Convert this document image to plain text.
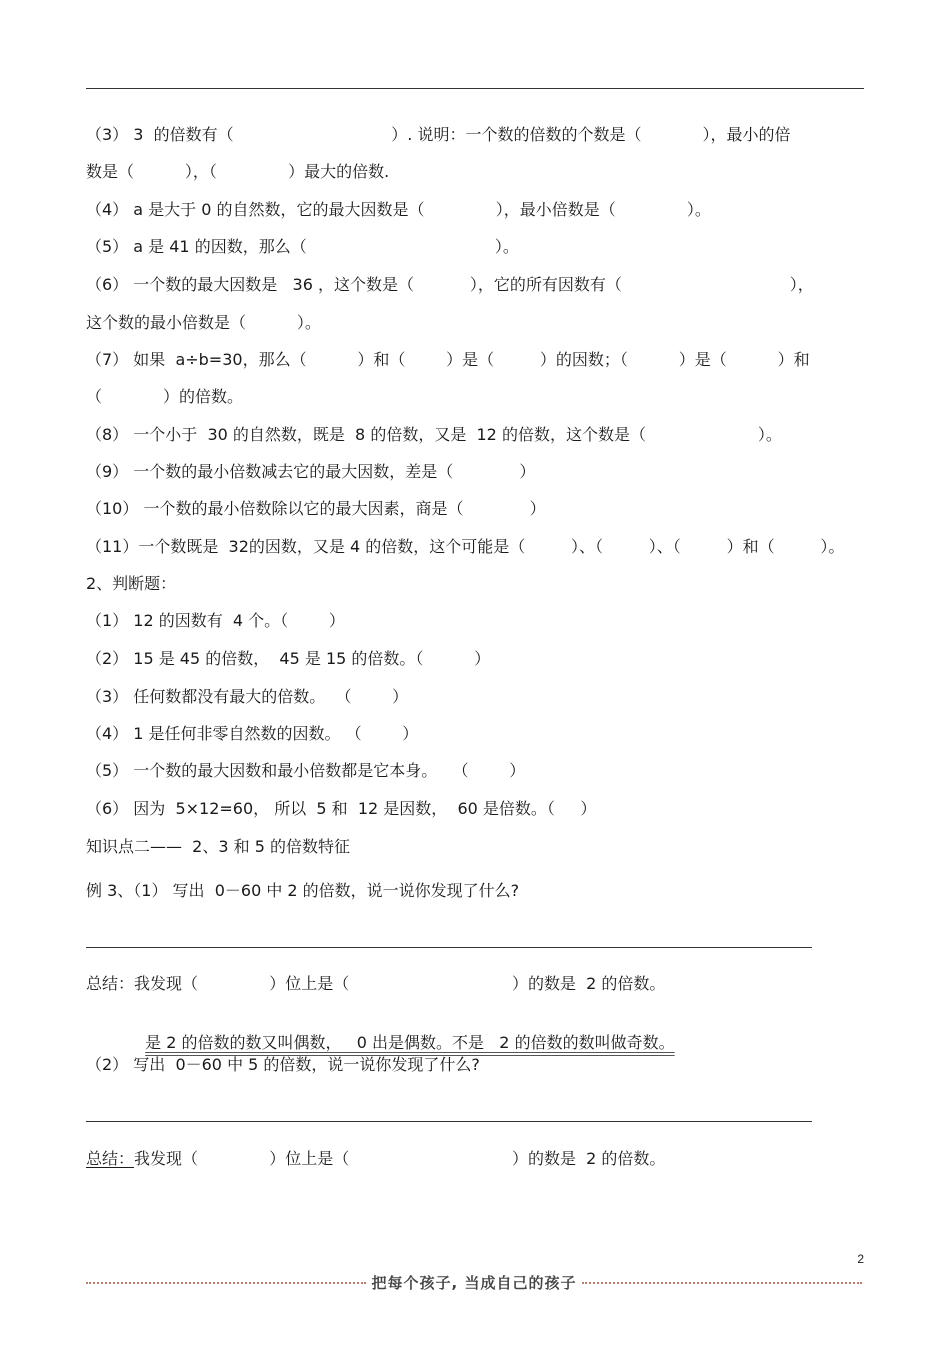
（3） 3  的倍数有（                               ）. 说明：一个数的倍数的个数是（            ），最小的倍
数是（          ），（              ）最大的倍数.
（4） a 是大于 0 的自然数，它的最大因数是（              ），最小倍数是（              ）。
（5） a 是 41 的因数，那么（                                     ）。
（6） 一个数的最大因数是   36 ，这个数是（           ），它的所有因数有（                                 ），
这个数的最小倍数是（          ）。
（7） 如果  a÷b=30，那么（          ）和（        ）是（         ）的因数；（          ）是（          ）和
（            ）的倍数。
（8） 一个小于  30 的自然数，既是  8 的倍数，又是  12 的倍数，这个数是（                      ）。
（9） 一个数的最小倍数减去它的最大因数，差是（             ）
（10） 一个数的最小倍数除以它的最大因素，商是（             ）
（11）一个数既是  32的因数，又是 4 的倍数，这个可能是（         ）、（         ）、（         ）和（         ）。
2、判断题：
（1） 12 的因数有  4 个。（        ）
（2） 15 是 45 的倍数，  45 是 15 的倍数。（          ）
（3） 任何数都没有最大的倍数。  （        ）
（4） 1 是任何非零自然数的因数。 （        ）
（5） 一个数的最大因数和最小倍数都是它本身。   （        ）
（6） 因为  5×12=60， 所以  5 和  12 是因数，  60 是倍数。（     ）
知识点二——  2、3 和 5 的倍数特征
例 3、（1） 写出  0－60 中 2 的倍数，说一说你发现了什么?
总结：我发现（              ）位上是（                                ）的数是  2 的倍数。

是 2 的倍数的数又叫偶数，   0 出是偶数。不是   2 的倍数的数叫做奇数。

（2） 写出  0－60 中 5 的倍数，说一说你发现了什么?
总结：我发现（              ）位上是（                                ）的数是  2 的倍数。
2
把每个孩子, 当成自己的孩子
